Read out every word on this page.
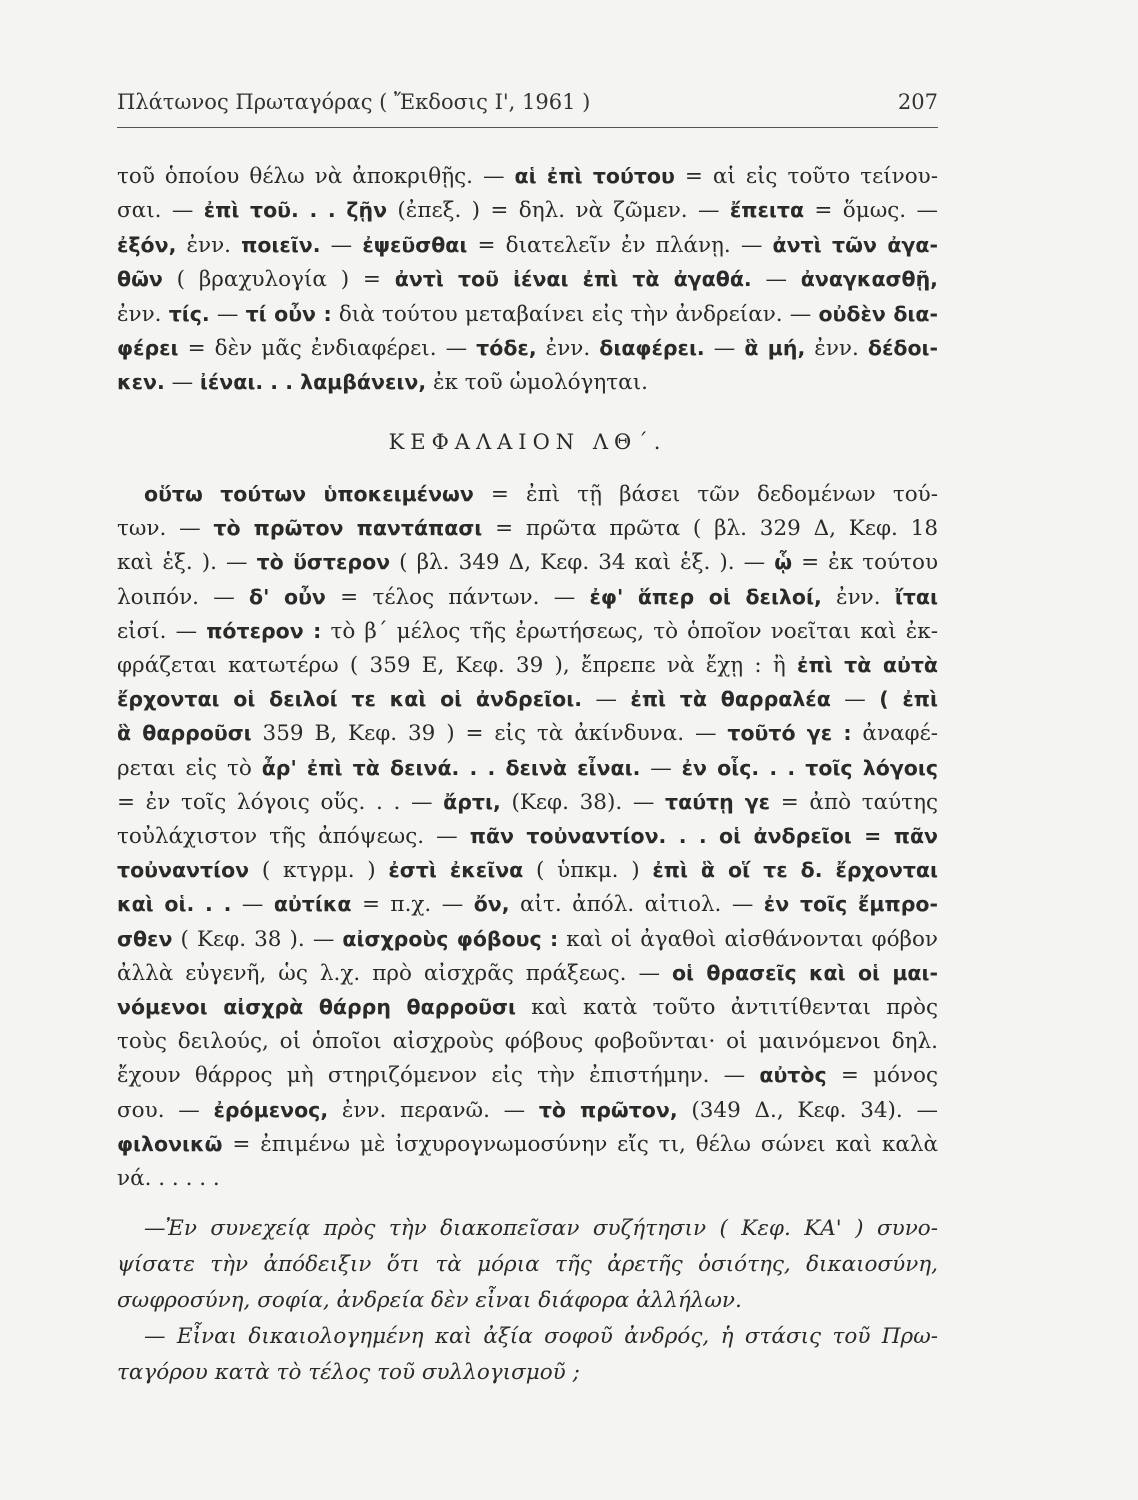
Πλάτωνος Πρωταγόρας ( Ἔκδοσις Ι', 1961 )	207
τοῦ ὁποίου θέλω νὰ ἀποκριθῇς. — αἱ ἐπὶ τούτου = αἱ εἰς τοῦτο τείνου-
σαι. — ἐπὶ τοῦ. . . ζῇν (ἐπεξ. ) = δηλ. νὰ ζῶμεν. — ἔπειτα = ὅμως. —
ἐξόν, ἐνν. ποιεῖν. — ἐψεῦσθαι = διατελεῖν ἐν πλάνῃ. — ἀντὶ τῶν ἀγα-
θῶν ( βραχυλογία ) = ἀντὶ τοῦ ἰέναι ἐπὶ τὰ ἀγαθά. — ἀναγκασθῇ,
ἐνν. τίς. — τί οὖν : διὰ τούτου μεταβαίνει εἰς τὴν ἀνδρείαν. — οὐδὲν δια-
φέρει = δὲν μᾶς ἐνδιαφέρει. — τόδε, ἐνν. διαφέρει. — ἃ μή, ἐνν. δέδοι-
κεν. — ἰέναι. . . λαμβάνειν, ἐκ τοῦ ὡμολόγηται.
ΚΕΦΑΛΑΙΟΝ ΛΘ΄.
οὕτω τούτων ὑποκειμένων = ἐπὶ τῇ βάσει τῶν δεδομένων τού-
των. — τὸ πρῶτον παντάπασι = πρῶτα πρῶτα ( βλ. 329 Δ, Κεφ. 18
καὶ ἑξ. ). — τὸ ὕστερον ( βλ. 349 Δ, Κεφ. 34 καὶ ἑξ. ). — ᾧ = ἐκ τούτου
λοιπόν. — δ' οὖν = τέλος πάντων. — ἐφ' ἅπερ οἱ δειλοί, ἐνν. ἴται
εἰσί. — πότερον : τὸ β΄ μέλος τῆς ἐρωτήσεως, τὸ ὁποῖον νοεῖται καὶ ἐκ-
φράζεται κατωτέρω ( 359 Ε, Κεφ. 39 ), ἔπρεπε νὰ ἔχῃ : ἢ ἐπὶ τὰ αὐτὰ
ἔρχονται οἱ δειλοί τε καὶ οἱ ἀνδρεῖοι. — ἐπὶ τὰ θαρραλέα — ( ἐπὶ
ἃ θαρροῦσι 359 Β, Κεφ. 39 ) = εἰς τὰ ἀκίνδυνα. — τοῦτό γε : ἀναφέ-
ρεται εἰς τὸ ἆρ' ἐπὶ τὰ δεινά. . . δεινὰ εἶναι. — ἐν οἷς. . . τοῖς λόγοις
= ἐν τοῖς λόγοις οὕς. . . — ἄρτι, (Κεφ. 38). — ταύτῃ γε = ἀπὸ ταύτης
τοὐλάχιστον τῆς ἀπόψεως. — πᾶν τοὐναντίον. . . οἱ ἀνδρεῖοι = πᾶν
τοὐναντίον ( κτγρμ. ) ἐστὶ ἐκεῖνα ( ὑπκμ. ) ἐπὶ ἃ οἵ τε δ. ἔρχονται
καὶ οἱ. . . — αὐτίκα = π.χ. — ὄν, αἰτ. ἀπόλ. αἰτιολ. — ἐν τοῖς ἔμπρο-
σθεν ( Κεφ. 38 ). — αἰσχροὺς φόβους : καὶ οἱ ἀγαθοὶ αἰσθάνονται φόβον
ἀλλὰ εὐγενῆ, ὡς λ.χ. πρὸ αἰσχρᾶς πράξεως. — οἱ θρασεῖς καὶ οἱ μαι-
νόμενοι αἰσχρὰ θάρρη θαρροῦσι καὶ κατὰ τοῦτο ἀντιτίθενται πρὸς
τοὺς δειλούς, οἱ ὁποῖοι αἰσχροὺς φόβους φοβοῦνται· οἱ μαινόμενοι δηλ.
ἔχουν θάρρος μὴ στηριζόμενον εἰς τὴν ἐπιστήμην. — αὐτὸς = μόνος
σου. — ἐρόμενος, ἐνν. περανῶ. — τὸ πρῶτον, (349 Δ., Κεφ. 34). —
φιλονικῶ = ἐπιμένω μὲ ἰσχυρογνωμοσύνην εἴς τι, θέλω σώνει καὶ καλὰ
νά. . . . . .
—Ἐν συνεχείᾳ πρὸς τὴν διακοπεῖσαν συζήτησιν ( Κεφ. ΚΑ' ) συνο-
ψίσατε τὴν ἀπόδειξιν ὅτι τὰ μόρια τῆς ἀρετῆς ὁσιότης, δικαιοσύνη,
σωφροσύνη, σοφία, ἀνδρεία δὲν εἶναι διάφορα ἀλλήλων.
— Εἶναι δικαιολογημένη καὶ ἀξία σοφοῦ ἀνδρός, ἡ στάσις τοῦ Πρω-
ταγόρου κατὰ τὸ τέλος τοῦ συλλογισμοῦ ;
